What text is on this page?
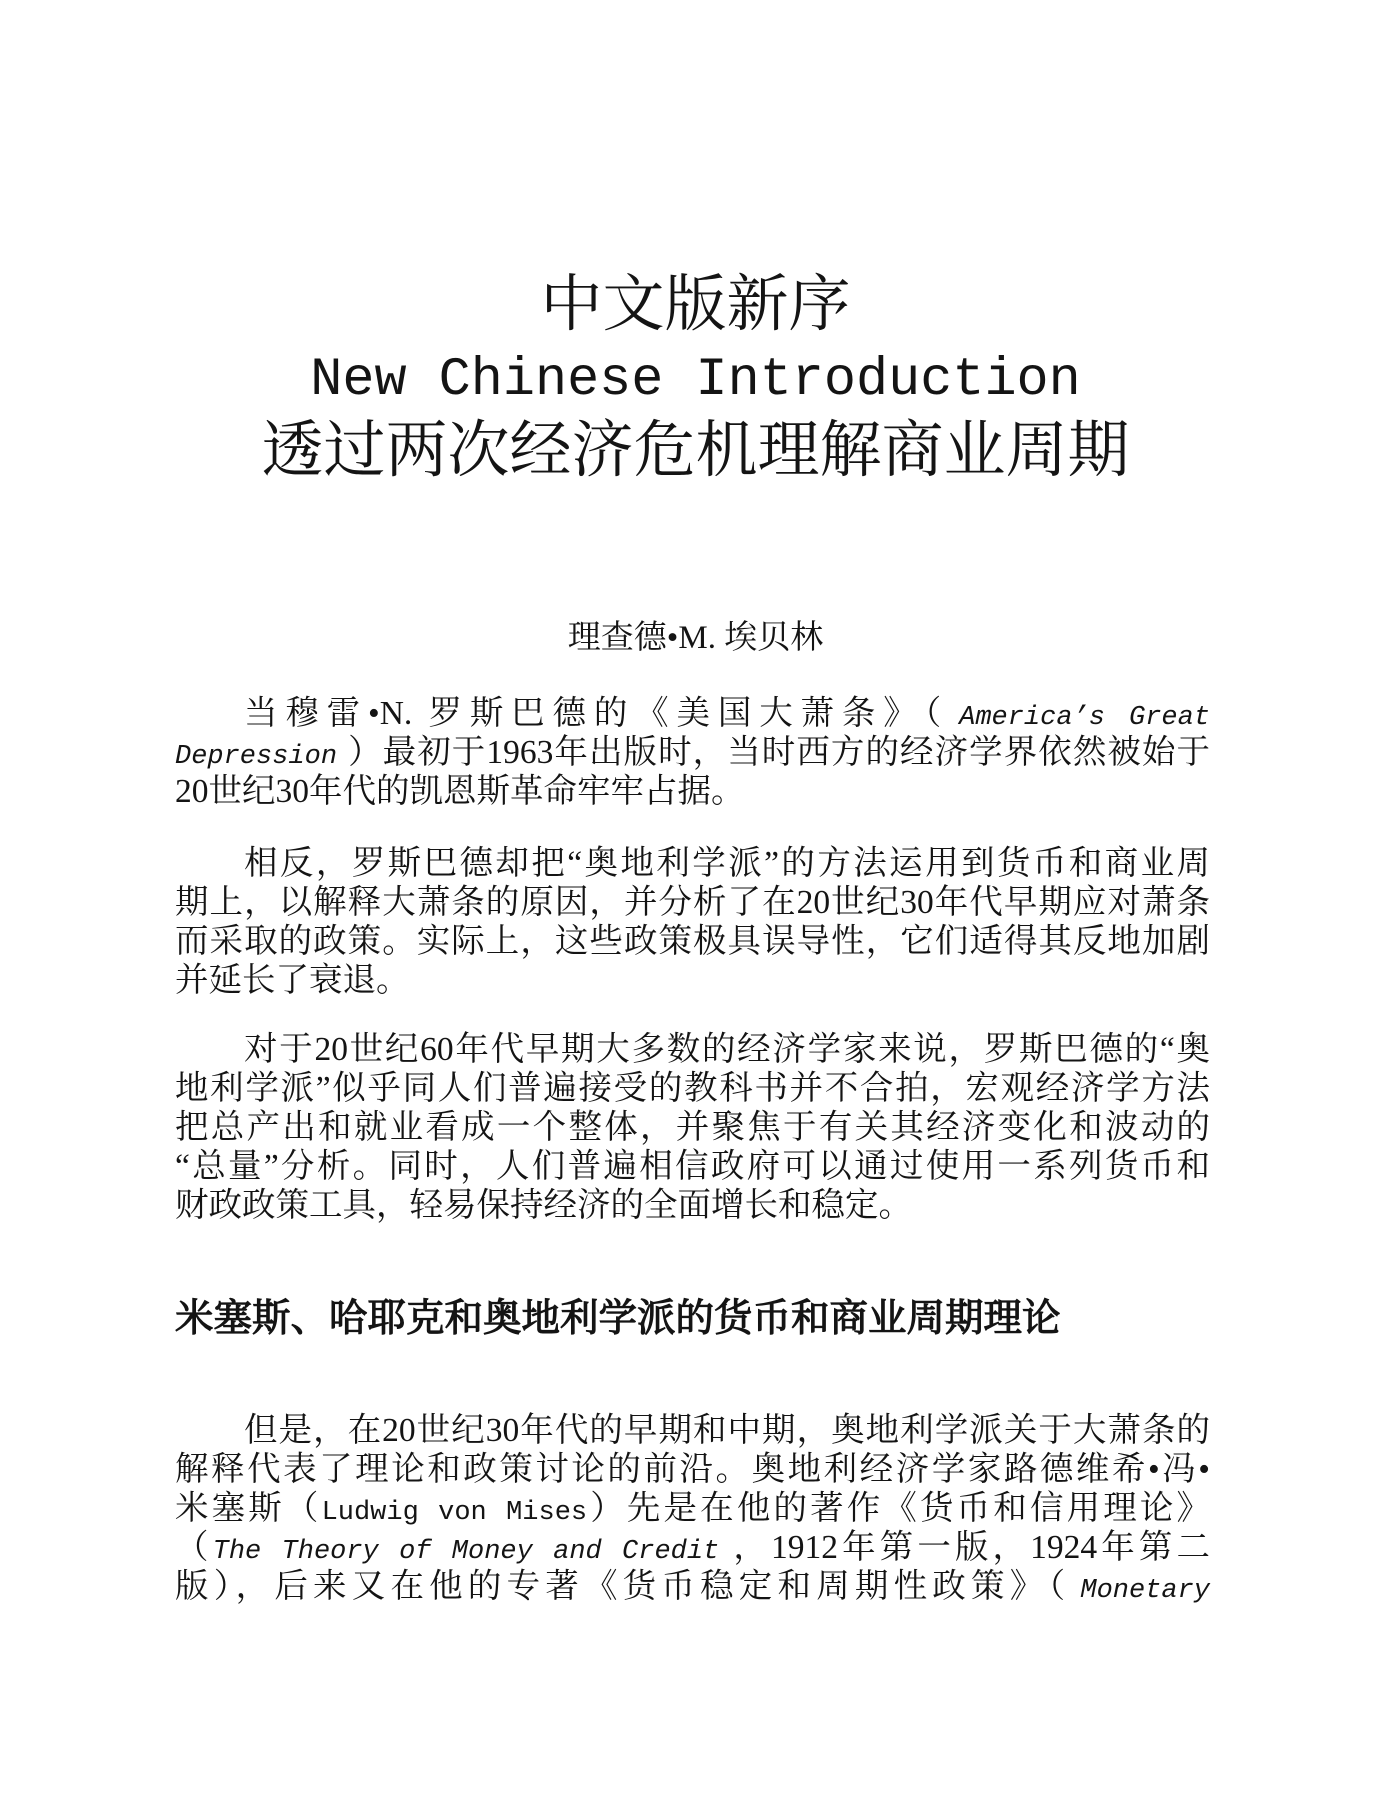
中文版新序
New Chinese Introduction
透过两次经济危机理解商业周期
理查德•M. 埃贝林
当穆雷•N. 罗斯巴德的《美国大萧条》（ America’s Great
Depression ）最初于1963年出版时，当时西方的经济学界依然被始于
20世纪30年代的凯恩斯革命牢牢占据。
相反，罗斯巴德却把“奥地利学派”的方法运用到货币和商业周
期上，以解释大萧条的原因，并分析了在20世纪30年代早期应对萧条
而采取的政策。实际上，这些政策极具误导性，它们适得其反地加剧
并延长了衰退。
对于20世纪60年代早期大多数的经济学家来说，罗斯巴德的“奥
地利学派”似乎同人们普遍接受的教科书并不合拍，宏观经济学方法
把总产出和就业看成一个整体，并聚焦于有关其经济变化和波动的
“总量”分析。同时，人们普遍相信政府可以通过使用一系列货币和
财政政策工具，轻易保持经济的全面增长和稳定。
米塞斯、哈耶克和奥地利学派的货币和商业周期理论
但是，在20世纪30年代的早期和中期，奥地利学派关于大萧条的
解释代表了理论和政策讨论的前沿。奥地利经济学家路德维希•冯•
米塞斯（Ludwig von Mises）先是在他的著作《货币和信用理论》
（The Theory of Money and Credit ，1912年第一版，1924年第二
版），后来又在他的专著《货币稳定和周期性政策》（ Monetary
